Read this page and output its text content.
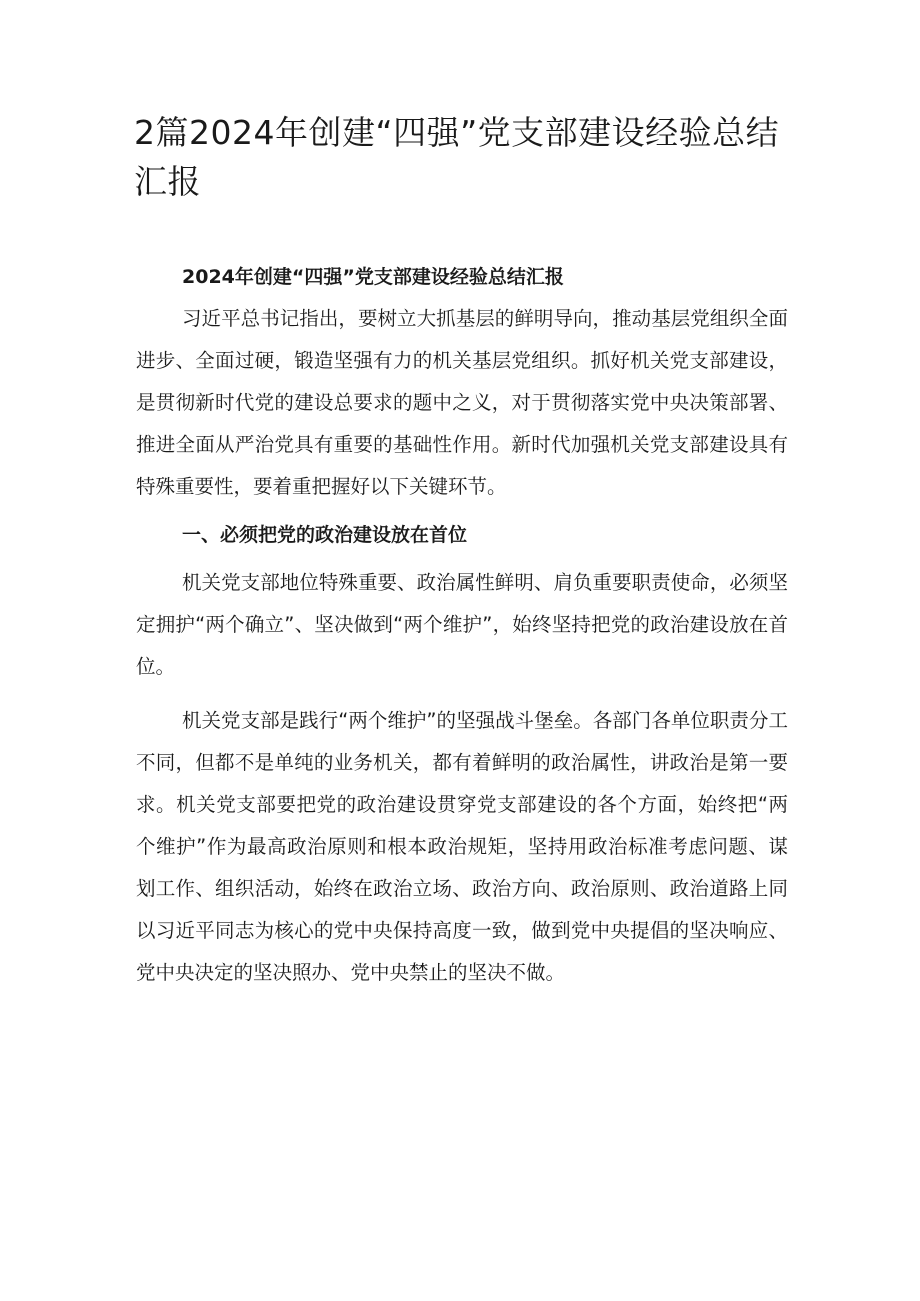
2篇2024年创建“四强”党支部建设经验总结汇报

2024年创建“四强”党支部建设经验总结汇报

习近平总书记指出，要树立大抓基层的鲜明导向，推动基层党组织全面进步、全面过硬，锻造坚强有力的机关基层党组织。抓好机关党支部建设，是贯彻新时代党的建设总要求的题中之义，对于贯彻落实党中央决策部署、推进全面从严治党具有重要的基础性作用。新时代加强机关党支部建设具有特殊重要性，要着重把握好以下关键环节。

一、必须把党的政治建设放在首位

机关党支部地位特殊重要、政治属性鲜明、肩负重要职责使命，必须坚定拥护“两个确立”、坚决做到“两个维护”，始终坚持把党的政治建设放在首位。

机关党支部是践行“两个维护”的坚强战斗堡垒。各部门各单位职责分工不同，但都不是单纯的业务机关，都有着鲜明的政治属性，讲政治是第一要求。机关党支部要把党的政治建设贯穿党支部建设的各个方面，始终把“两个维护”作为最高政治原则和根本政治规矩，坚持用政治标准考虑问题、谋划工作、组织活动，始终在政治立场、政治方向、政治原则、政治道路上同以习近平同志为核心的党中央保持高度一致，做到党中央提倡的坚决响应、党中央决定的坚决照办、党中央禁止的坚决不做。
